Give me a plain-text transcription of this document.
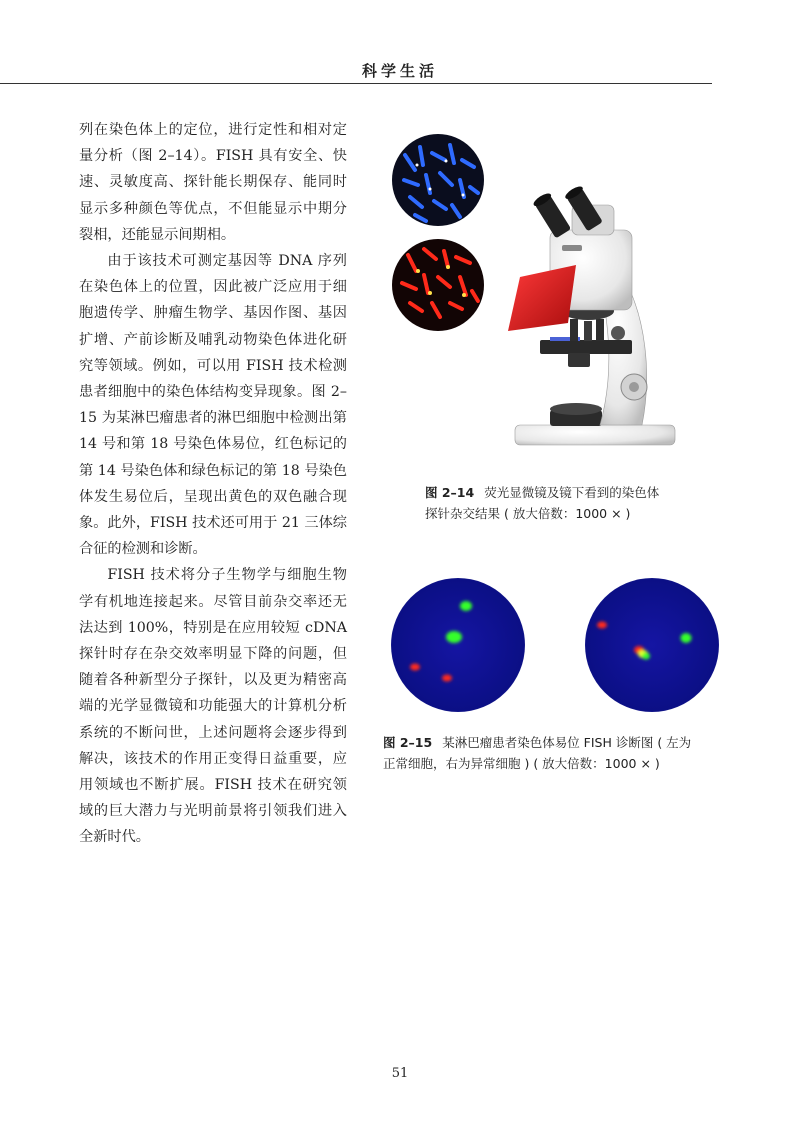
科学生活

列在染色体上的定位，进行定性和相对定量分析（图 2–14）。FISH 具有安全、快速、灵敏度高、探针能长期保存、能同时显示多种颜色等优点，不但能显示中期分裂相，还能显示间期相。

由于该技术可测定基因等 DNA 序列在染色体上的位置，因此被广泛应用于细胞遗传学、肿瘤生物学、基因作图、基因扩增、产前诊断及哺乳动物染色体进化研究等领域。例如，可以用 FISH 技术检测患者细胞中的染色体结构变异现象。图 2–15 为某淋巴瘤患者的淋巴细胞中检测出第 14 号和第 18 号染色体易位，红色标记的第 14 号染色体和绿色标记的第 18 号染色体发生易位后，呈现出黄色的双色融合现象。此外，FISH 技术还可用于 21 三体综合征的检测和诊断。

FISH 技术将分子生物学与细胞生物学有机地连接起来。尽管目前杂交率还无法达到 100%，特别是在应用较短 cDNA 探针时存在杂交效率明显下降的问题，但随着各种新型分子探针，以及更为精密高端的光学显微镜和功能强大的计算机分析系统的不断问世，上述问题将会逐步得到解决，该技术的作用正变得日益重要，应用领域也不断扩展。FISH 技术在研究领域的巨大潜力与光明前景将引领我们进入全新时代。

图 2–14 荧光显微镜及镜下看到的染色体
探针杂交结果 ( 放大倍数：1000 × )
图 2–15 某淋巴瘤患者染色体易位 FISH 诊断图 ( 左为
正常细胞，右为异常细胞 ) ( 放大倍数：1000 × )
51
